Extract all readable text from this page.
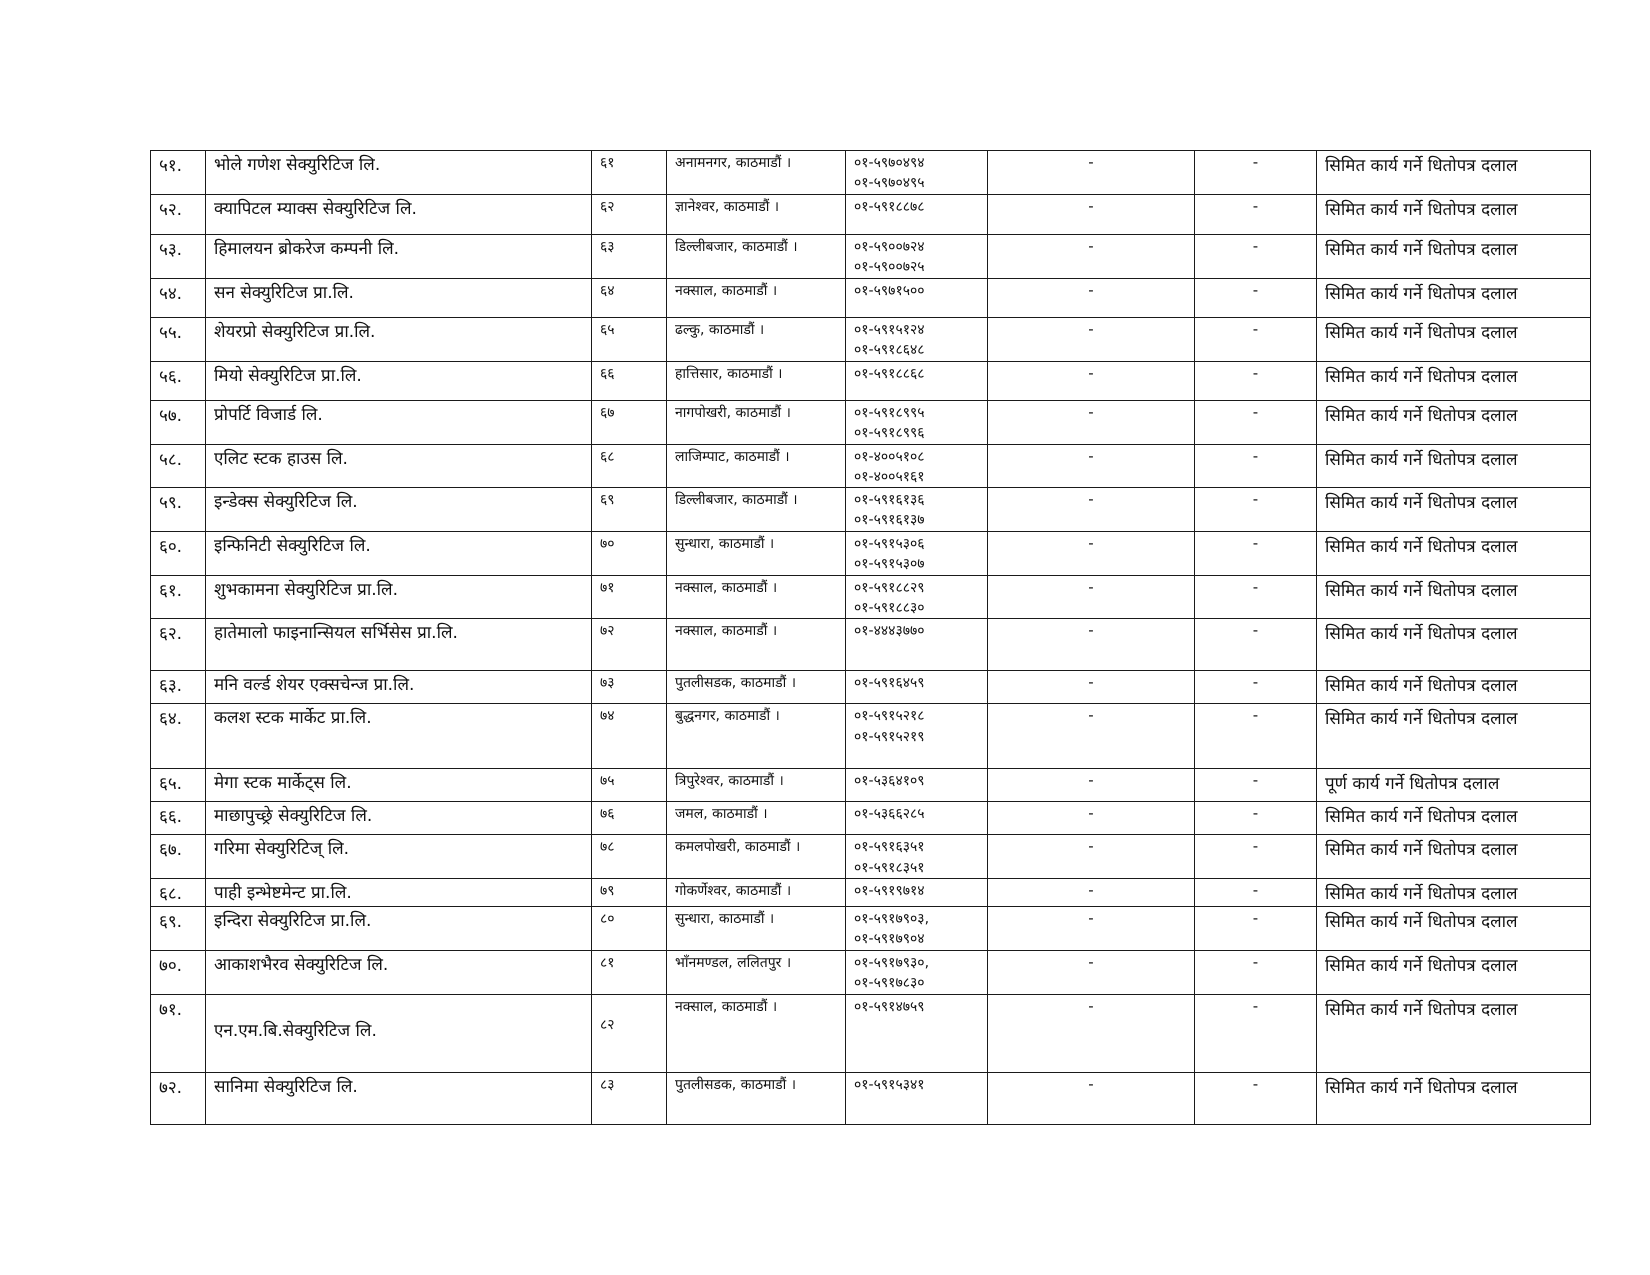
५१.	भोले गणेश सेक्युरिटिज लि.	६१	अनामनगर, काठमाडौं ।	०१-५९७०४९४
०१-५९७०४९५	-	-	सिमित कार्य गर्ने धितोपत्र दलाल
५२.	क्यापिटल म्याक्स सेक्युरिटिज लि.	६२	ज्ञानेश्वर, काठमाडौं ।	०१-५९१८८७८	-	-	सिमित कार्य गर्ने धितोपत्र दलाल
५३.	हिमालयन ब्रोकरेज कम्पनी लि.	६३	डिल्लीबजार, काठमाडौं ।	०१-५९००७२४
०१-५९००७२५	-	-	सिमित कार्य गर्ने धितोपत्र दलाल
५४.	सन सेक्युरिटिज प्रा.लि.	६४	नक्साल, काठमाडौं ।	०१-५९७१५००	-	-	सिमित कार्य गर्ने धितोपत्र दलाल
५५.	शेयरप्रो सेक्युरिटिज प्रा.लि.	६५	ढल्कु, काठमाडौं ।	०१-५९१५१२४
०१-५९१८६४८	-	-	सिमित कार्य गर्ने धितोपत्र दलाल
५६.	मियो सेक्युरिटिज प्रा.लि.	६६	हात्तिसार, काठमाडौं ।	०१-५९१८८६८	-	-	सिमित कार्य गर्ने धितोपत्र दलाल
५७.	प्रोपर्टि विजार्ड लि.	६७	नागपोखरी, काठमाडौं ।	०१-५९१८९९५
०१-५९१८९९६	-	-	सिमित कार्य गर्ने धितोपत्र दलाल
५८.	एलिट स्टक हाउस लि.	६८	लाजिम्पाट, काठमाडौं ।	०१-४००५१०८
०१-४००५१६१	-	-	सिमित कार्य गर्ने धितोपत्र दलाल
५९.	इन्डेक्स सेक्युरिटिज लि.	६९	डिल्लीबजार, काठमाडौं ।	०१-५९१६१३६
०१-५९१६१३७	-	-	सिमित कार्य गर्ने धितोपत्र दलाल
६०.	इन्फिनिटी सेक्युरिटिज लि.	७०	सुन्धारा, काठमाडौं ।	०१-५९१५३०६
०१-५९१५३०७	-	-	सिमित कार्य गर्ने धितोपत्र दलाल
६१.	शुभकामना सेक्युरिटिज प्रा.लि.	७१	नक्साल, काठमाडौं ।	०१-५९१८८२९
०१-५९१८८३०	-	-	सिमित कार्य गर्ने धितोपत्र दलाल
६२.	हातेमालो फाइनान्सियल सर्भिसेस प्रा.लि.	७२	नक्साल, काठमाडौं ।	०१-४४४३७७०	-	-	सिमित कार्य गर्ने धितोपत्र दलाल
६३.	मनि वर्ल्ड शेयर एक्सचेन्ज प्रा.लि.	७३	पुतलीसडक, काठमाडौं ।	०१-५९१६४५९	-	-	सिमित कार्य गर्ने धितोपत्र दलाल
६४.	कलश स्टक मार्केट प्रा.लि.	७४	बुद्धनगर, काठमाडौं ।	०१-५९१५२१८
०१-५९१५२१९	-	-	सिमित कार्य गर्ने धितोपत्र दलाल
६५.	मेगा स्टक मार्केट्स लि.	७५	त्रिपुरेश्वर, काठमाडौं ।	०१-५३६४१०९	-	-	पूर्ण कार्य गर्ने धितोपत्र दलाल
६६.	माछापुच्छ्रे सेक्युरिटिज लि.	७६	जमल, काठमाडौं ।	०१-५३६६२८५	-	-	सिमित कार्य गर्ने धितोपत्र दलाल
६७.	गरिमा सेक्युरिटिज् लि.	७८	कमलपोखरी, काठमाडौं ।	०१-५९१६३५१
०१-५९१८३५१	-	-	सिमित कार्य गर्ने धितोपत्र दलाल
६८.	पाही इन्भेष्टमेन्ट प्रा.लि.	७९	गोकर्णेश्वर, काठमाडौं ।	०१-५९१९७१४	-	-	सिमित कार्य गर्ने धितोपत्र दलाल
६९.	इन्दिरा सेक्युरिटिज प्रा.लि.	८०	सुन्धारा, काठमाडौं ।	०१-५९१७९०३,
०१-५९१७९०४	-	-	सिमित कार्य गर्ने धितोपत्र दलाल
७०.	आकाशभैरव सेक्युरिटिज लि.	८१	भाँनमण्डल, ललितपुर ।	०१-५९१७९३०,
०१-५९१७८३०	-	-	सिमित कार्य गर्ने धितोपत्र दलाल
७१.	एन.एम.बि.सेक्युरिटिज लि.	८२	नक्साल, काठमाडौं ।	०१-५९१४७५९	-	-	सिमित कार्य गर्ने धितोपत्र दलाल
७२.	सानिमा सेक्युरिटिज लि.	८३	पुतलीसडक, काठमाडौं ।	०१-५९१५३४१	-	-	सिमित कार्य गर्ने धितोपत्र दलाल
